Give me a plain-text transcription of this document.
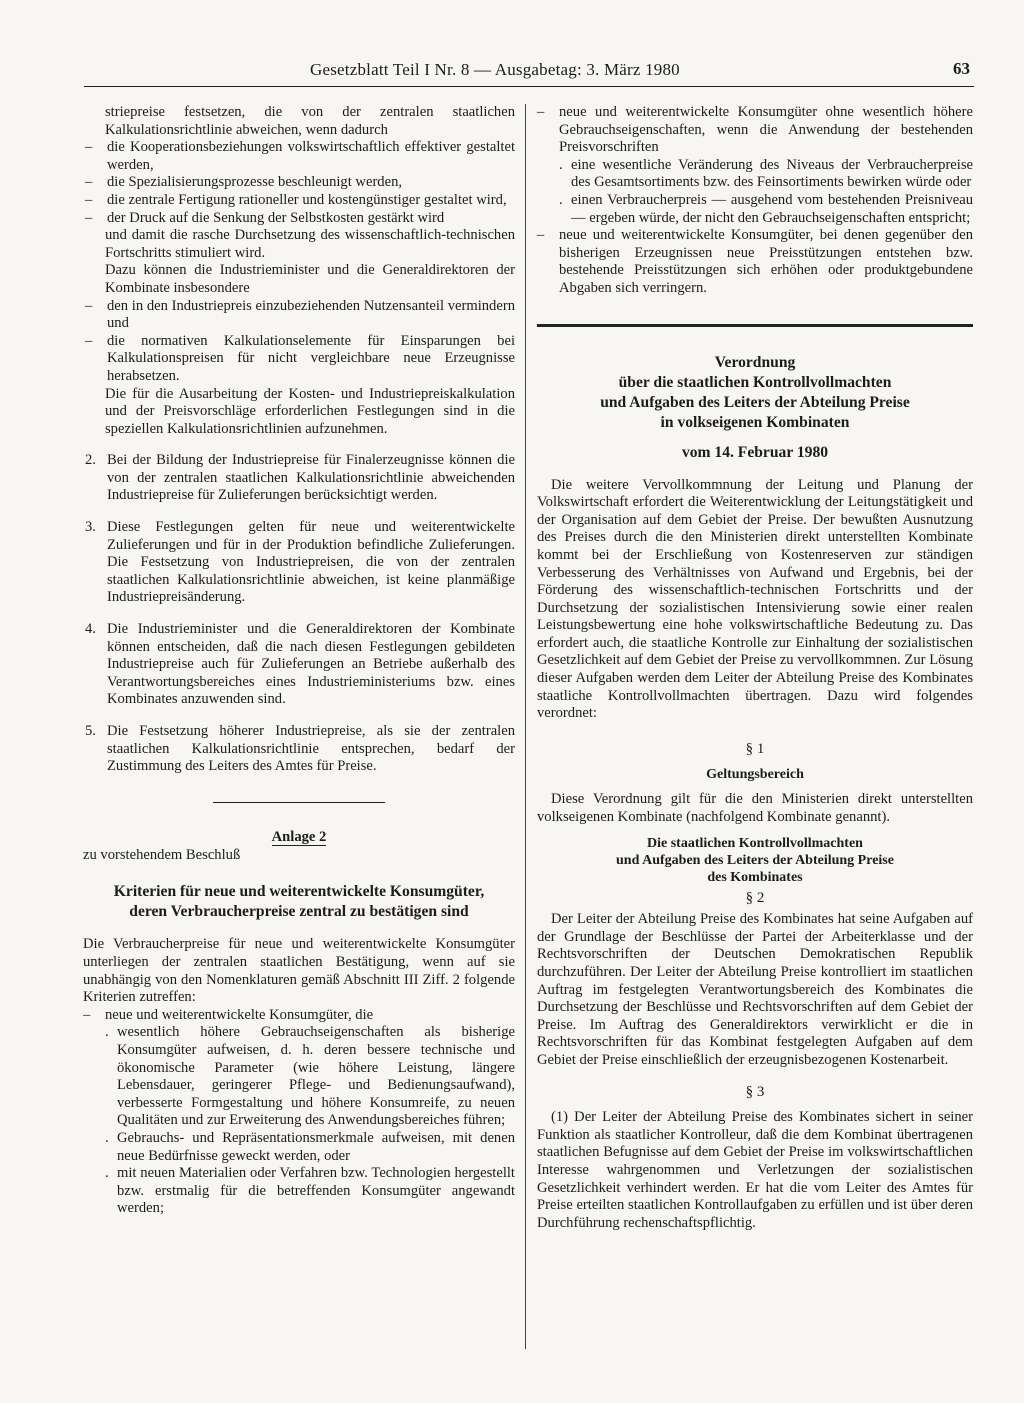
Gesetzblatt Teil I Nr. 8 — Ausgabetag: 3. März 1980	63

striepreise festsetzen, die von der zentralen staatlichen Kalkulationsrichtlinie abweichen, wenn dadurch

– die Kooperationsbeziehungen volkswirtschaftlich effektiver gestaltet werden,
– die Spezialisierungsprozesse beschleunigt werden,
– die zentrale Fertigung rationeller und kostengünstiger gestaltet wird,
– der Druck auf die Senkung der Selbstkosten gestärkt wird

und damit die rasche Durchsetzung des wissenschaftlich-technischen Fortschritts stimuliert wird.

Dazu können die Industrieminister und die Generaldirektoren der Kombinate insbesondere

– den in den Industriepreis einzubeziehenden Nutzensanteil vermindern und
– die normativen Kalkulationselemente für Einsparungen bei Kalkulationspreisen für nicht vergleichbare neue Erzeugnisse herabsetzen.

Die für die Ausarbeitung der Kosten- und Industriepreiskalkulation und der Preisvorschläge erforderlichen Festlegungen sind in die speziellen Kalkulationsrichtlinien aufzunehmen.

2. Bei der Bildung der Industriepreise für Finalerzeugnisse können die von der zentralen staatlichen Kalkulationsrichtlinie abweichenden Industriepreise für Zulieferungen berücksichtigt werden.
3. Diese Festlegungen gelten für neue und weiterentwickelte Zulieferungen und für in der Produktion befindliche Zulieferungen. Die Festsetzung von Industriepreisen, die von der zentralen staatlichen Kalkulationsrichtlinie abweichen, ist keine planmäßige Industriepreisänderung.
4. Die Industrieminister und die Generaldirektoren der Kombinate können entscheiden, daß die nach diesen Festlegungen gebildeten Industriepreise auch für Zulieferungen an Betriebe außerhalb des Verantwortungsbereiches eines Industrieministeriums bzw. eines Kombinates anzuwenden sind.
5. Die Festsetzung höherer Industriepreise, als sie der zentralen staatlichen Kalkulationsrichtlinie entsprechen, bedarf der Zustimmung des Leiters des Amtes für Preise.
Anlage 2

zu vorstehendem Beschluß

Kriterien für neue und weiterentwickelte Konsumgüter,
deren Verbraucherpreise zentral zu bestätigen sind

Die Verbraucherpreise für neue und weiterentwickelte Konsumgüter unterliegen der zentralen staatlichen Bestätigung, wenn auf sie unabhängig von den Nomenklaturen gemäß Abschnitt III Ziff. 2 folgende Kriterien zutreffen:

– neue und weiterentwickelte Konsumgüter, die
. wesentlich höhere Gebrauchseigenschaften als bisherige Konsumgüter aufweisen, d. h. deren bessere technische und ökonomische Parameter (wie höhere Leistung, längere Lebensdauer, geringerer Pflege- und Bedienungsaufwand), verbesserte Formgestaltung und höhere Konsumreife, zu neuen Qualitäten und zur Erweiterung des Anwendungsbereiches führen;
. Gebrauchs- und Repräsentationsmerkmale aufweisen, mit denen neue Bedürfnisse geweckt werden, oder
. mit neuen Materialien oder Verfahren bzw. Technologien hergestellt bzw. erstmalig für die betreffenden Konsumgüter angewandt werden;
– neue und weiterentwickelte Konsumgüter ohne wesentlich höhere Gebrauchseigenschaften, wenn die Anwendung der bestehenden Preisvorschriften
. eine wesentliche Veränderung des Niveaus der Verbraucherpreise des Gesamtsortiments bzw. des Feinsortiments bewirken würde oder
. einen Verbraucherpreis — ausgehend vom bestehenden Preisniveau — ergeben würde, der nicht den Gebrauchseigenschaften entspricht;
– neue und weiterentwickelte Konsumgüter, bei denen gegenüber den bisherigen Erzeugnissen neue Preisstützungen entstehen bzw. bestehende Preisstützungen sich erhöhen oder produktgebundene Abgaben sich verringern.
Verordnung
über die staatlichen Kontrollvollmachten
und Aufgaben des Leiters der Abteilung Preise
in volkseigenen Kombinaten
vom 14. Februar 1980

Die weitere Vervollkommnung der Leitung und Planung der Volkswirtschaft erfordert die Weiterentwicklung der Leitungstätigkeit und der Organisation auf dem Gebiet der Preise. Der bewußten Ausnutzung des Preises durch die den Ministerien direkt unterstellten Kombinate kommt bei der Erschließung von Kostenreserven zur ständigen Verbesserung des Verhältnisses von Aufwand und Ergebnis, bei der Förderung des wissenschaftlich-technischen Fortschritts und der Durchsetzung der sozialistischen Intensivierung sowie einer realen Leistungsbewertung eine hohe volkswirtschaftliche Bedeutung zu. Das erfordert auch, die staatliche Kontrolle zur Einhaltung der sozialistischen Gesetzlichkeit auf dem Gebiet der Preise zu vervollkommnen. Zur Lösung dieser Aufgaben werden dem Leiter der Abteilung Preise des Kombinates staatliche Kontrollvollmachten übertragen. Dazu wird folgendes verordnet:

§ 1
Geltungsbereich

Diese Verordnung gilt für die den Ministerien direkt unterstellten volkseigenen Kombinate (nachfolgend Kombinate genannt).

Die staatlichen Kontrollvollmachten
und Aufgaben des Leiters der Abteilung Preise
des Kombinates
§ 2

Der Leiter der Abteilung Preise des Kombinates hat seine Aufgaben auf der Grundlage der Beschlüsse der Partei der Arbeiterklasse und der Rechtsvorschriften der Deutschen Demokratischen Republik durchzuführen. Der Leiter der Abteilung Preise kontrolliert im staatlichen Auftrag im festgelegten Verantwortungsbereich des Kombinates die Durchsetzung der Beschlüsse und Rechtsvorschriften auf dem Gebiet der Preise. Im Auftrag des Generaldirektors verwirklicht er die in Rechtsvorschriften für das Kombinat festgelegten Aufgaben auf dem Gebiet der Preise einschließlich der erzeugnisbezogenen Kostenarbeit.

§ 3

(1) Der Leiter der Abteilung Preise des Kombinates sichert in seiner Funktion als staatlicher Kontrolleur, daß die dem Kombinat übertragenen staatlichen Befugnisse auf dem Gebiet der Preise im volkswirtschaftlichen Interesse wahrgenommen und Verletzungen der sozialistischen Gesetzlichkeit verhindert werden. Er hat die vom Leiter des Amtes für Preise erteilten staatlichen Kontrollaufgaben zu erfüllen und ist über deren Durchführung rechenschaftspflichtig.
